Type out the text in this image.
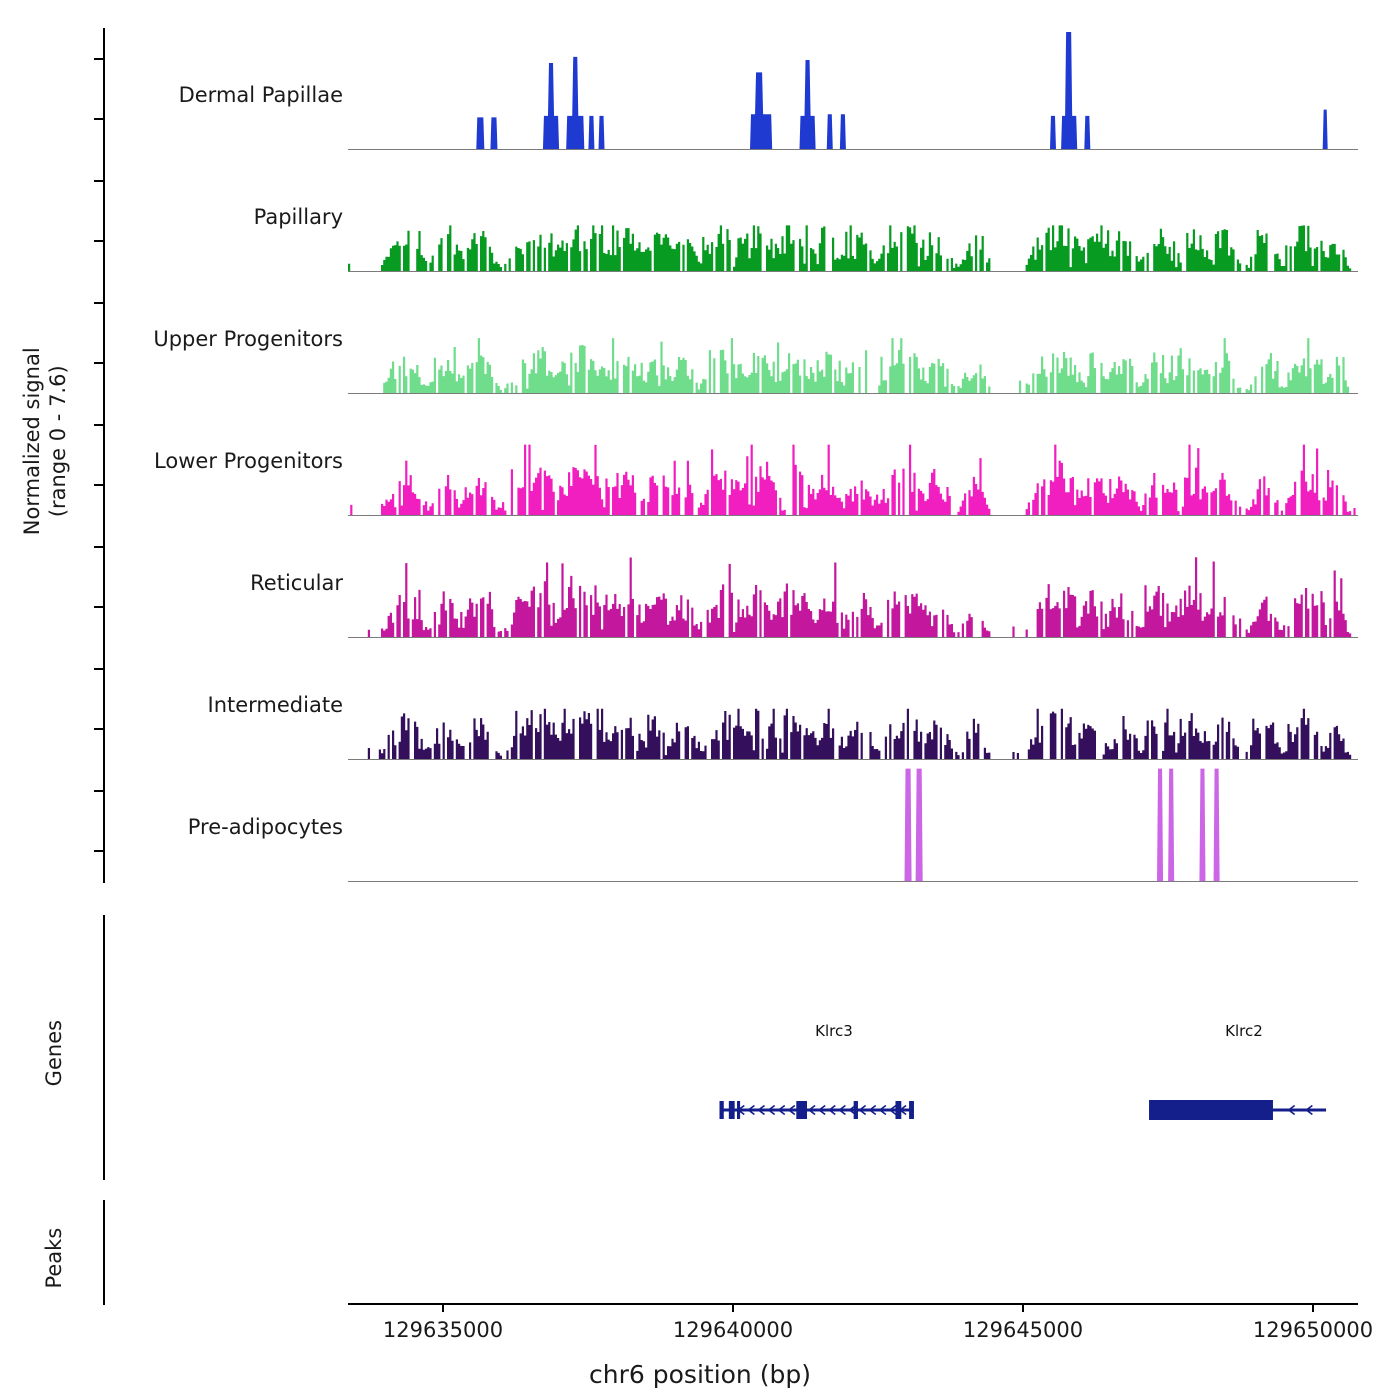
Normalized signal (range 0 - 7.6)
Genes
Peaks
Dermal Papillae
Papillary
Upper Progenitors
Lower Progenitors
Reticular
Intermediate
Pre-adipocytes
Klrc3	Klrc2
129635000	129640000	129645000	129650000
chr6 position (bp)
